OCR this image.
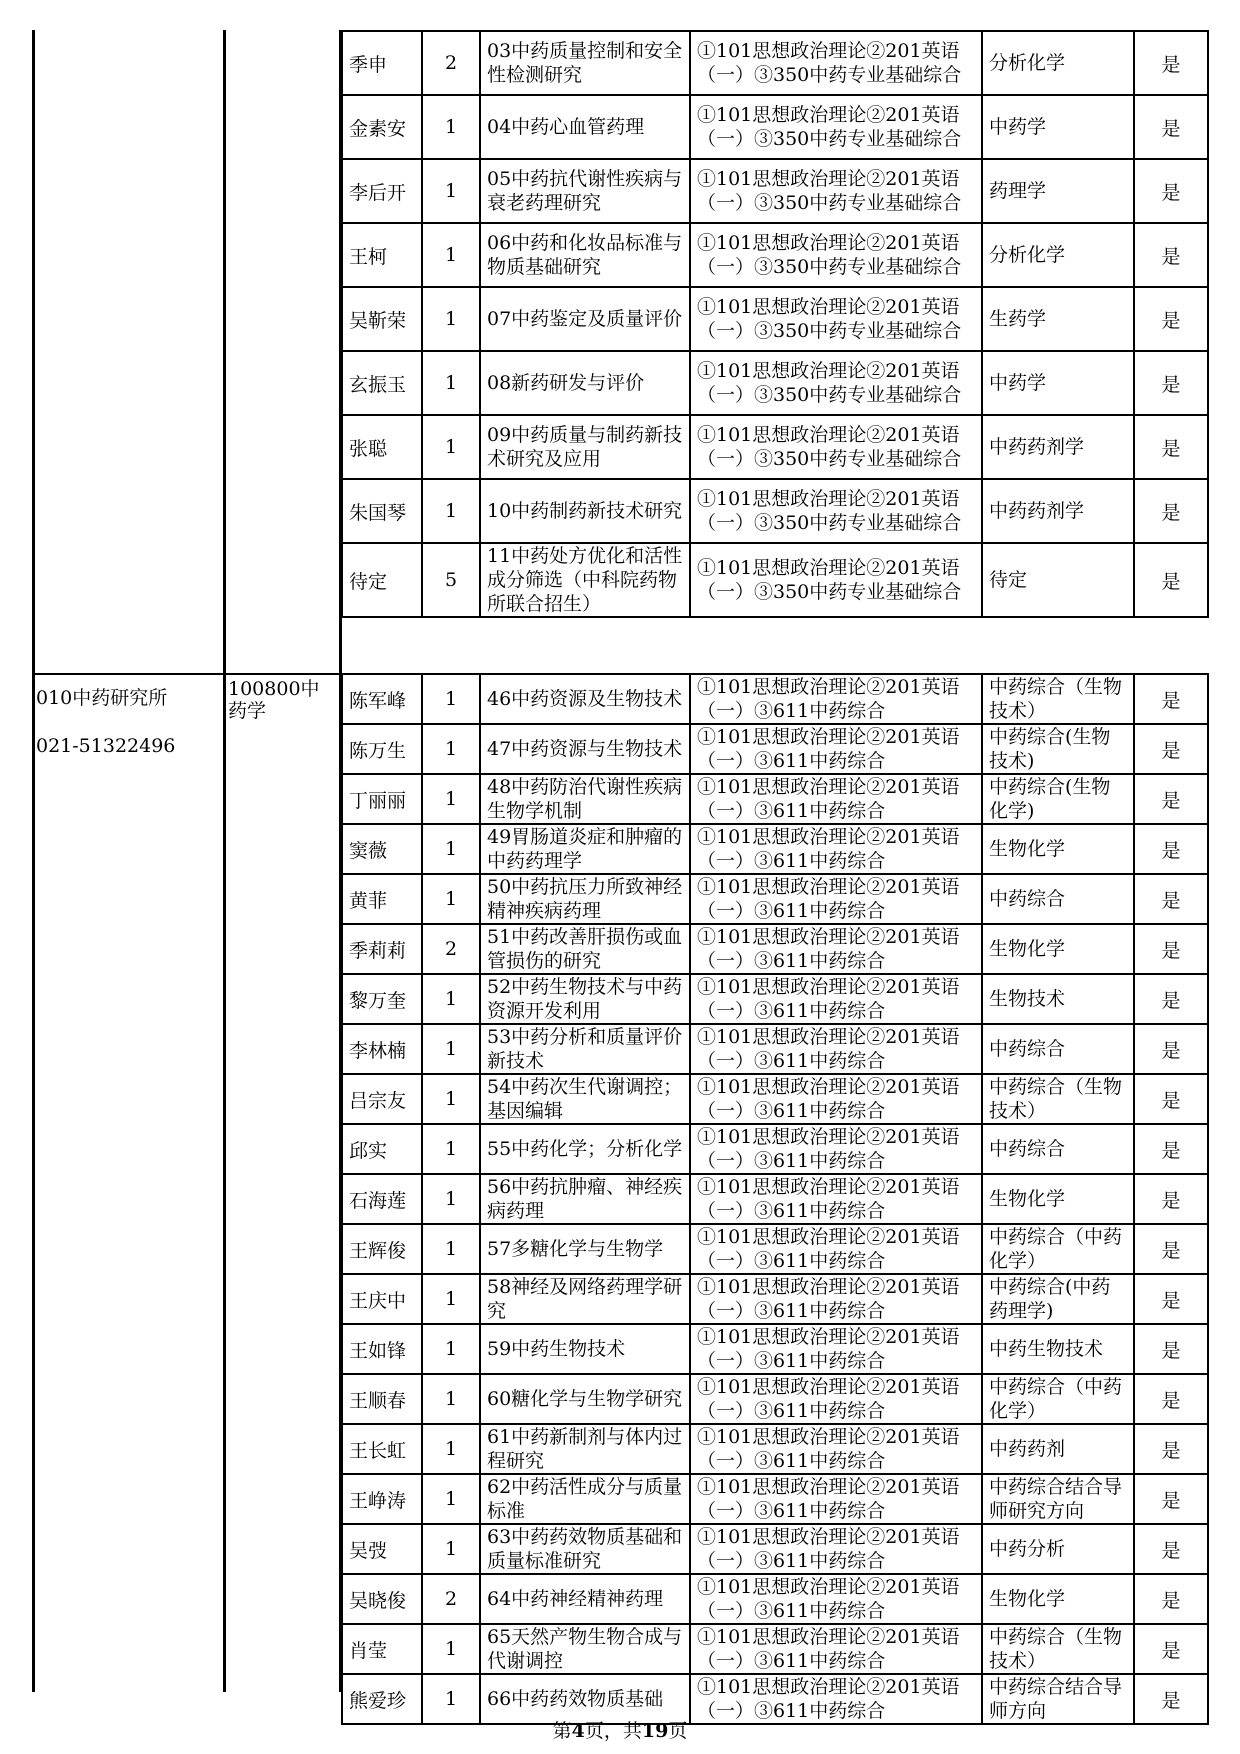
010中药研究所
021-51322496
100800中药学
季申	2	03中药质量控制和安全性检测研究	①101思想政治理论②201英语（一）③350中药专业基础综合	分析化学	是
金素安	1	04中药心血管药理	①101思想政治理论②201英语（一）③350中药专业基础综合	中药学	是
李后开	1	05中药抗代谢性疾病与衰老药理研究	①101思想政治理论②201英语（一）③350中药专业基础综合	药理学	是
王柯	1	06中药和化妆品标准与物质基础研究	①101思想政治理论②201英语（一）③350中药专业基础综合	分析化学	是
吴靳荣	1	07中药鉴定及质量评价	①101思想政治理论②201英语（一）③350中药专业基础综合	生药学	是
玄振玉	1	08新药研发与评价	①101思想政治理论②201英语（一）③350中药专业基础综合	中药学	是
张聪	1	09中药质量与制药新技术研究及应用	①101思想政治理论②201英语（一）③350中药专业基础综合	中药药剂学	是
朱国琴	1	10中药制药新技术研究	①101思想政治理论②201英语（一）③350中药专业基础综合	中药药剂学	是
待定	5	11中药处方优化和活性成分筛选（中科院药物所联合招生）	①101思想政治理论②201英语（一）③350中药专业基础综合	待定	是
陈军峰	1	46中药资源及生物技术	①101思想政治理论②201英语（一）③611中药综合	中药综合（生物技术）	是
陈万生	1	47中药资源与生物技术	①101思想政治理论②201英语（一）③611中药综合	中药综合(生物技术)	是
丁丽丽	1	48中药防治代谢性疾病生物学机制	①101思想政治理论②201英语（一）③611中药综合	中药综合(生物化学)	是
窦薇	1	49胃肠道炎症和肿瘤的中药药理学	①101思想政治理论②201英语（一）③611中药综合	生物化学	是
黄菲	1	50中药抗压力所致神经精神疾病药理	①101思想政治理论②201英语（一）③611中药综合	中药综合	是
季莉莉	2	51中药改善肝损伤或血管损伤的研究	①101思想政治理论②201英语（一）③611中药综合	生物化学	是
黎万奎	1	52中药生物技术与中药资源开发利用	①101思想政治理论②201英语（一）③611中药综合	生物技术	是
李林楠	1	53中药分析和质量评价新技术	①101思想政治理论②201英语（一）③611中药综合	中药综合	是
吕宗友	1	54中药次生代谢调控；基因编辑	①101思想政治理论②201英语（一）③611中药综合	中药综合（生物技术）	是
邱实	1	55中药化学；分析化学	①101思想政治理论②201英语（一）③611中药综合	中药综合	是
石海莲	1	56中药抗肿瘤、神经疾病药理	①101思想政治理论②201英语（一）③611中药综合	生物化学	是
王辉俊	1	57多糖化学与生物学	①101思想政治理论②201英语（一）③611中药综合	中药综合（中药化学）	是
王庆中	1	58神经及网络药理学研究	①101思想政治理论②201英语（一）③611中药综合	中药综合(中药药理学)	是
王如锋	1	59中药生物技术	①101思想政治理论②201英语（一）③611中药综合	中药生物技术	是
王顺春	1	60糖化学与生物学研究	①101思想政治理论②201英语（一）③611中药综合	中药综合（中药化学）	是
王长虹	1	61中药新制剂与体内过程研究	①101思想政治理论②201英语（一）③611中药综合	中药药剂	是
王峥涛	1	62中药活性成分与质量标准	①101思想政治理论②201英语（一）③611中药综合	中药综合结合导师研究方向	是
吴弢	1	63中药药效物质基础和质量标准研究	①101思想政治理论②201英语（一）③611中药综合	中药分析	是
吴晓俊	2	64中药神经精神药理	①101思想政治理论②201英语（一）③611中药综合	生物化学	是
肖莹	1	65天然产物生物合成与代谢调控	①101思想政治理论②201英语（一）③611中药综合	中药综合（生物技术）	是
熊爱珍	1	66中药药效物质基础	①101思想政治理论②201英语（一）③611中药综合	中药综合结合导师方向	是
第4页，共19页
